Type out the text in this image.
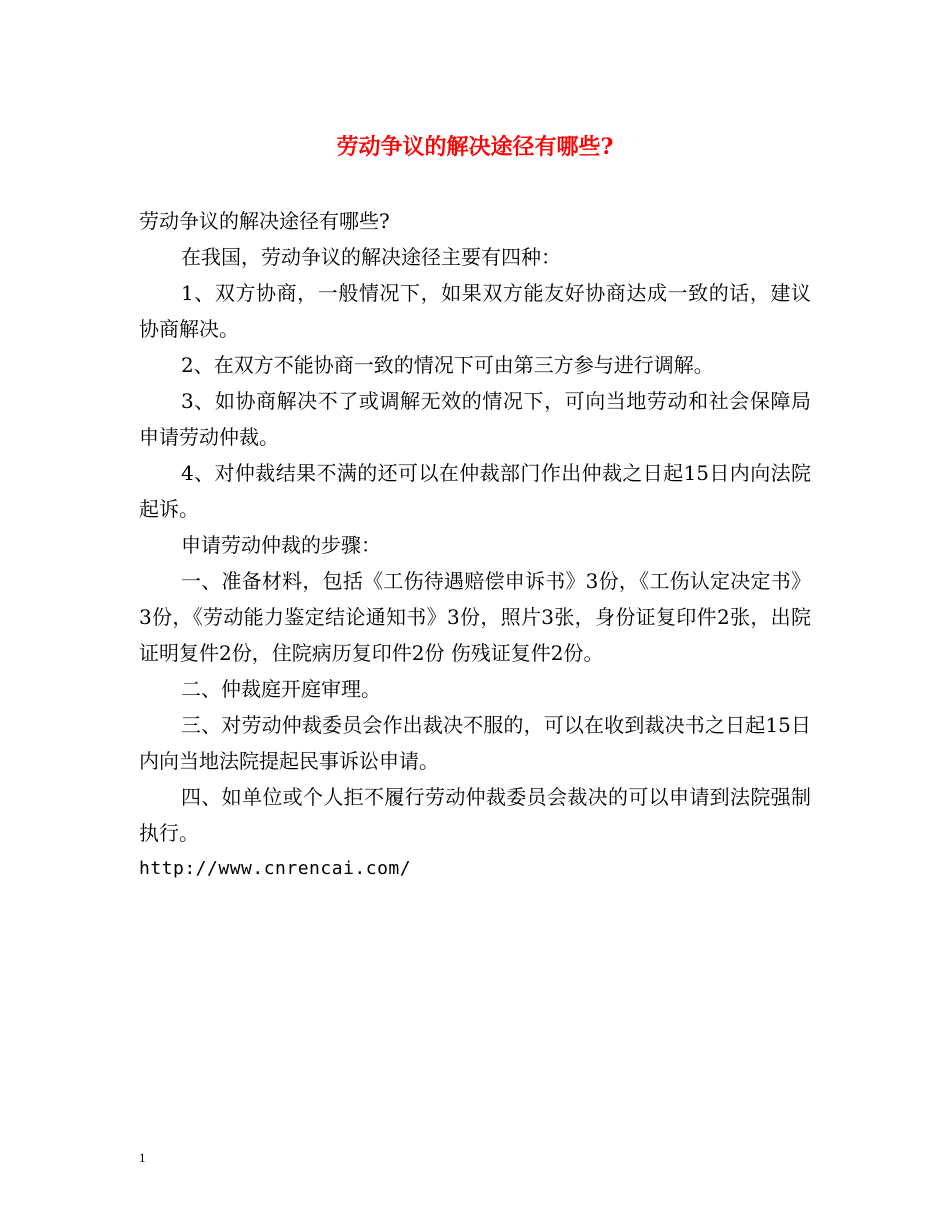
劳动争议的解决途径有哪些?

劳动争议的解决途径有哪些?

在我国，劳动争议的解决途径主要有四种：

1、双方协商，一般情况下，如果双方能友好协商达成一致的话，建议协商解决。

2、在双方不能协商一致的情况下可由第三方参与进行调解。

3、如协商解决不了或调解无效的情况下，可向当地劳动和社会保障局申请劳动仲裁。

4、对仲裁结果不满的还可以在仲裁部门作出仲裁之日起15日内向法院起诉。

申请劳动仲裁的步骤：

一、准备材料，包括《工伤待遇赔偿申诉书》3份，《工伤认定决定书》3份，《劳动能力鉴定结论通知书》3份，照片3张，身份证复印件2张，出院证明复件2份，住院病历复印件2份 伤残证复件2份。

二、仲裁庭开庭审理。

三、对劳动仲裁委员会作出裁决不服的，可以在收到裁决书之日起15日内向当地法院提起民事诉讼申请。

四、如单位或个人拒不履行劳动仲裁委员会裁决的可以申请到法院强制执行。

http://www.cnrencai.com/

1
